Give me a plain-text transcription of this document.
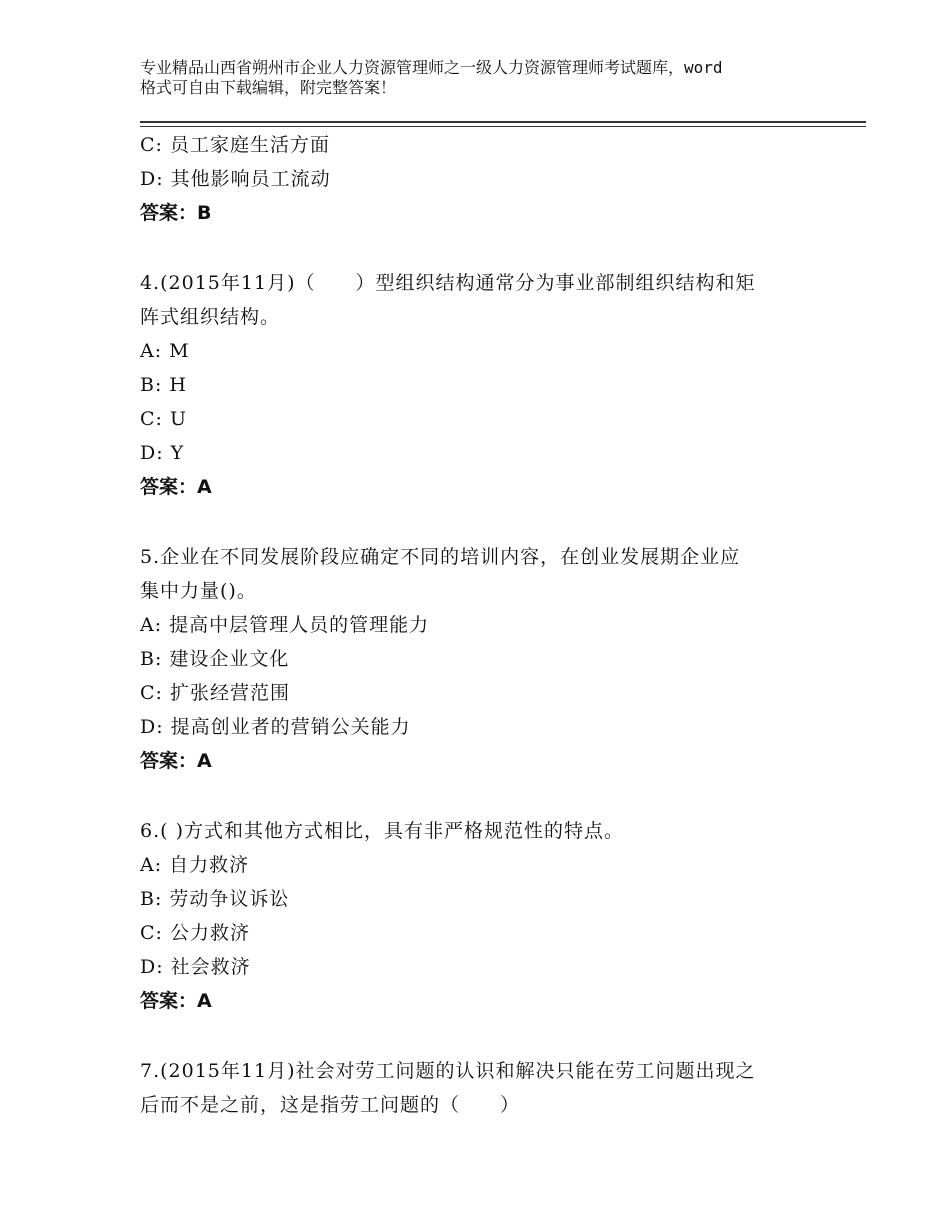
专业精品山西省朔州市企业人力资源管理师之一级人力资源管理师考试题库，word
格式可自由下载编辑，附完整答案！
C: 员工家庭生活方面
D: 其他影响员工流动
答案：B
4.(2015年11月)（　　）型组织结构通常分为事业部制组织结构和矩
阵式组织结构。
A: M
B: H
C: U
D: Y
答案：A
5.企业在不同发展阶段应确定不同的培训内容，在创业发展期企业应
集中力量()。
A: 提高中层管理人员的管理能力
B: 建设企业文化
C: 扩张经营范围
D: 提高创业者的营销公关能力
答案：A
6.( )方式和其他方式相比，具有非严格规范性的特点。
A: 自力救济
B: 劳动争议诉讼
C: 公力救济
D: 社会救济
答案：A
7.(2015年11月)社会对劳工问题的认识和解决只能在劳工问题出现之
后而不是之前，这是指劳工问题的（　　）
